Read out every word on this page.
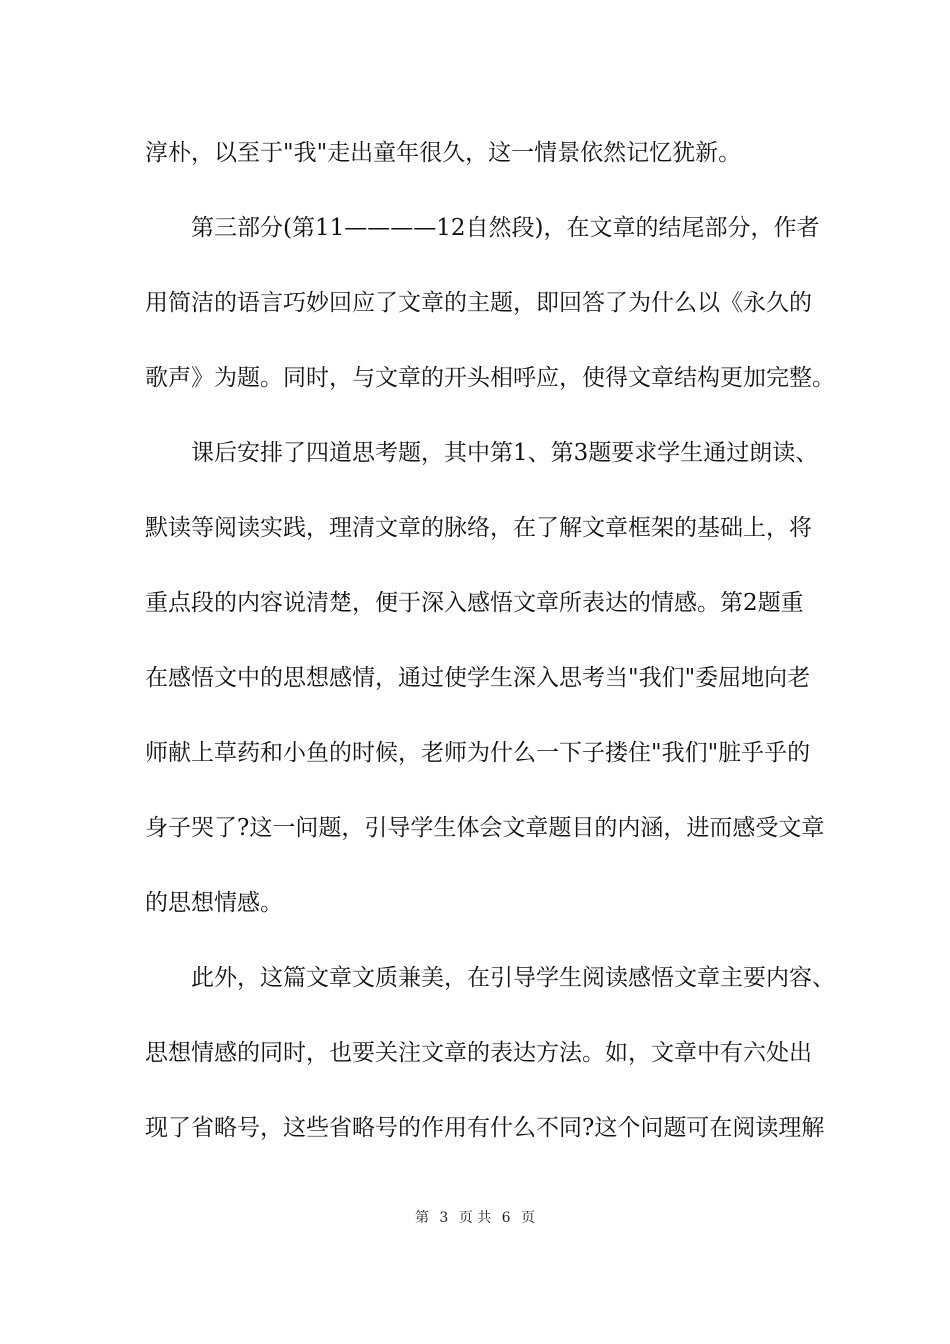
淳朴，以至于"我"走出童年很久，这一情景依然记忆犹新。
　　第三部分(第11————12自然段)，在文章的结尾部分，作者
用简洁的语言巧妙回应了文章的主题，即回答了为什么以《永久的
歌声》为题。同时，与文章的开头相呼应，使得文章结构更加完整。
　　课后安排了四道思考题，其中第1、第3题要求学生通过朗读、
默读等阅读实践，理清文章的脉络，在了解文章框架的基础上，将
重点段的内容说清楚，便于深入感悟文章所表达的情感。第2题重
在感悟文中的思想感情，通过使学生深入思考当"我们"委屈地向老
师献上草药和小鱼的时候，老师为什么一下子搂住"我们"脏乎乎的
身子哭了?这一问题，引导学生体会文章题目的内涵，进而感受文章
的思想情感。
　　此外，这篇文章文质兼美，在引导学生阅读感悟文章主要内容、
思想情感的同时，也要关注文章的表达方法。如，文章中有六处出
现了省略号，这些省略号的作用有什么不同?这个问题可在阅读理解
第 3 页 共 6 页
